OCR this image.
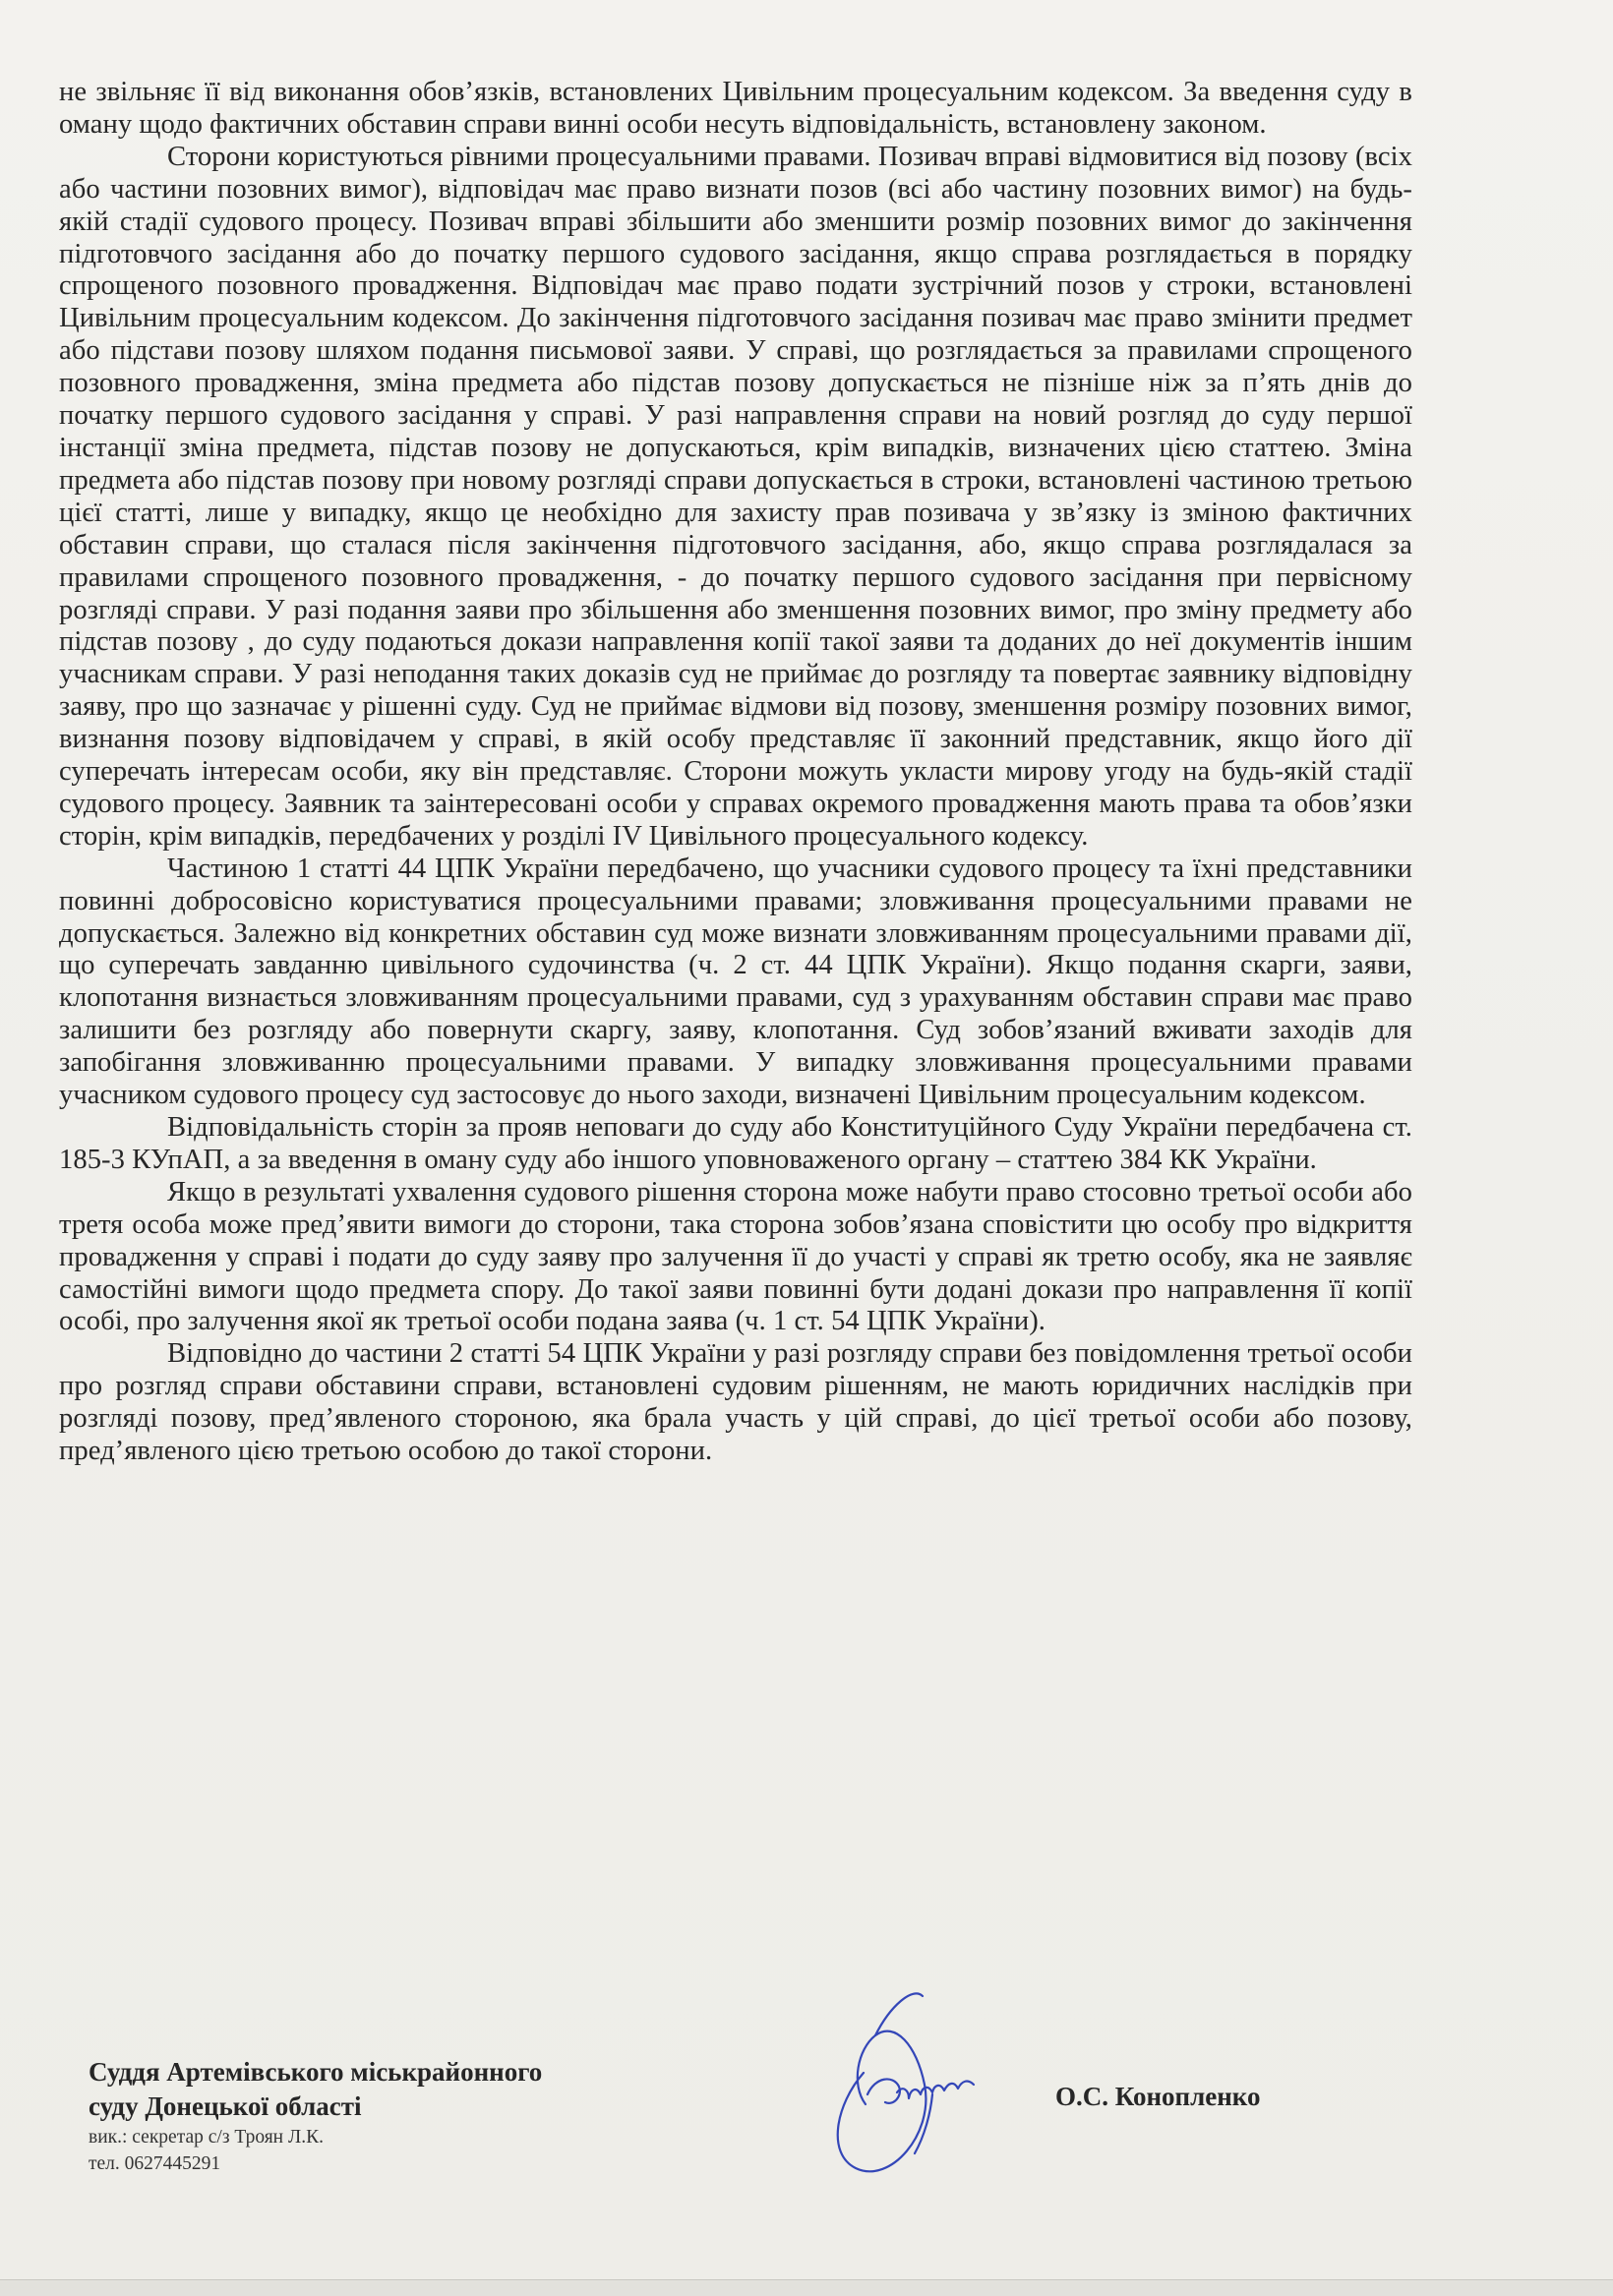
не звільняє її від виконання обов’язків, встановлених Цивільним процесуальним кодексом. За введення суду в оману щодо фактичних обставин справи винні особи несуть відповідальність, встановлену законом.

Сторони користуються рівними процесуальними правами. Позивач вправі відмовитися від позову (всіх або частини позовних вимог), відповідач має право визнати позов (всі або частину позовних вимог) на будь-якій стадії судового процесу. Позивач вправі збільшити або зменшити розмір позовних вимог до закінчення підготовчого засідання або до початку першого судового засідання, якщо справа розглядається в порядку спрощеного позовного провадження. Відповідач має право подати зустрічний позов у строки, встановлені Цивільним процесуальним кодексом. До закінчення підготовчого засідання позивач має право змінити предмет або підстави позову шляхом подання письмової заяви. У справі, що розглядається за правилами спрощеного позовного провадження, зміна предмета або підстав позову допускається не пізніше ніж за п’ять днів до початку першого судового засідання у справі. У разі направлення справи на новий розгляд до суду першої інстанції зміна предмета, підстав позову не допускаються, крім випадків, визначених цією статтею. Зміна предмета або підстав позову при новому розгляді справи допускається в строки, встановлені частиною третьою цієї статті, лише у випадку, якщо це необхідно для захисту прав позивача у зв’язку із зміною фактичних обставин справи, що сталася після закінчення підготовчого засідання, або, якщо справа розглядалася за правилами спрощеного позовного провадження, - до початку першого судового засідання при первісному розгляді справи. У разі подання заяви про збільшення або зменшення позовних вимог, про зміну предмету або підстав позову , до суду подаються докази направлення копії такої заяви та доданих до неї документів іншим учасникам справи. У разі неподання таких доказів суд не приймає до розгляду та повертає заявнику відповідну заяву, про що зазначає у рішенні суду. Суд не приймає відмови від позову, зменшення розміру позовних вимог, визнання позову відповідачем у справі, в якій особу представляє її законний представник, якщо його дії суперечать інтересам особи, яку він представляє. Сторони можуть укласти мирову угоду на будь-якій стадії судового процесу. Заявник та заінтересовані особи у справах окремого провадження мають права та обов’язки сторін, крім випадків, передбачених у розділі IV Цивільного процесуального кодексу.

Частиною 1 статті 44 ЦПК України передбачено, що учасники судового процесу та їхні представники повинні добросовісно користуватися процесуальними правами; зловживання процесуальними правами не допускається. Залежно від конкретних обставин суд може визнати зловживанням процесуальними правами дії, що суперечать завданню цивільного судочинства (ч. 2 ст. 44 ЦПК України). Якщо подання скарги, заяви, клопотання визнається зловживанням процесуальними правами, суд з урахуванням обставин справи має право залишити без розгляду або повернути скаргу, заяву, клопотання. Суд зобов’язаний вживати заходів для запобігання зловживанню процесуальними правами. У випадку зловживання процесуальними правами учасником судового процесу суд застосовує до нього заходи, визначені Цивільним процесуальним кодексом.

Відповідальність сторін за прояв неповаги до суду або Конституційного Суду України передбачена ст. 185-3 КУпАП, а за введення в оману суду або іншого уповноваженого органу – статтею 384 КК України.

Якщо в результаті ухвалення судового рішення сторона може набути право стосовно третьої особи або третя особа може пред’явити вимоги до сторони, така сторона зобов’язана сповістити цю особу про відкриття провадження у справі і подати до суду заяву про залучення її до участі у справі як третю особу, яка не заявляє самостійні вимоги щодо предмета спору. До такої заяви повинні бути додані докази про направлення її копії особі, про залучення якої як третьої особи подана заява (ч. 1 ст. 54 ЦПК України).

Відповідно до частини 2 статті 54 ЦПК України у разі розгляду справи без повідомлення третьої особи про розгляд справи обставини справи, встановлені судовим рішенням, не мають юридичних наслідків при розгляді позову, пред’явленого стороною, яка брала участь у цій справі, до цієї третьої особи або позову, пред’явленого цією третьою особою до такої сторони.

Суддя Артемівського міськрайонного

суду Донецької області

вик.: секретар с/з Троян Л.К.

тел. 0627445291

О.С. Конопленко
